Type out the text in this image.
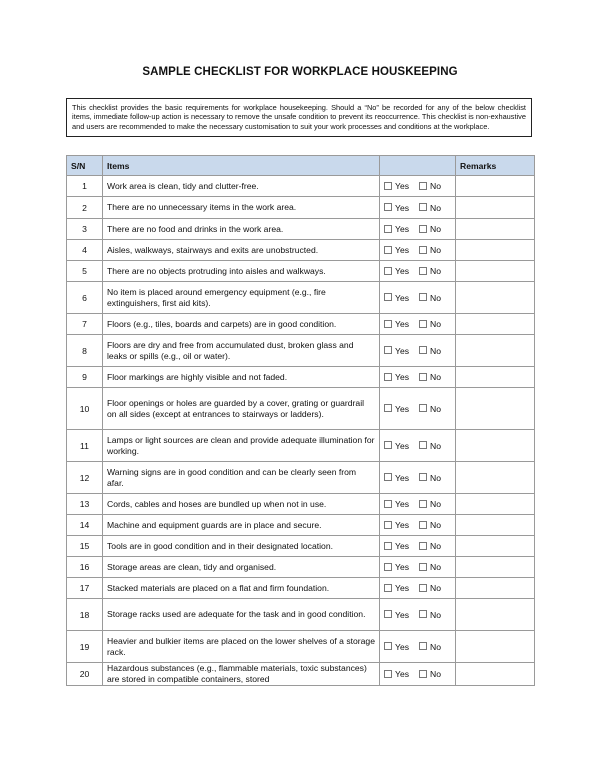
SAMPLE CHECKLIST FOR WORKPLACE HOUSKEEPING
This checklist provides the basic requirements for workplace housekeeping. Should a “No” be recorded for any of the below checklist items, immediate follow-up action is necessary to remove the unsafe condition to prevent its reoccurrence. This checklist is non-exhaustive and users are recommended to make the necessary customisation to suit your work processes and conditions at the workplace.
S/N	Items		Remarks
1	Work area is clean, tidy and clutter-free.	Yes No	
2	There are no unnecessary items in the work area.	Yes No	
3	There are no food and drinks in the work area.	Yes No	
4	Aisles, walkways, stairways and exits are unobstructed.	Yes No	
5	There are no objects protruding into aisles and walkways.	Yes No	
6	No item is placed around emergency equipment (e.g., fire extinguishers, first aid kits).	Yes No	
7	Floors (e.g., tiles, boards and carpets) are in good condition.	Yes No	
8	Floors are dry and free from accumulated dust, broken glass and leaks or spills (e.g., oil or water).	Yes No	
9	Floor markings are highly visible and not faded.	Yes No	
10	Floor openings or holes are guarded by a cover, grating or guardrail on all sides (except at entrances to stairways or ladders).	Yes No	
11	Lamps or light sources are clean and provide adequate illumination for working.	Yes No	
12	Warning signs are in good condition and can be clearly seen from afar.	Yes No	
13	Cords, cables and hoses are bundled up when not in use.	Yes No	
14	Machine and equipment guards are in place and secure.	Yes No	
15	Tools are in good condition and in their designated location.	Yes No	
16	Storage areas are clean, tidy and organised.	Yes No	
17	Stacked materials are placed on a flat and firm foundation.	Yes No	
18	Storage racks used are adequate for the task and in good condition.	Yes No	
19	Heavier and bulkier items are placed on the lower shelves of a storage rack.	Yes No	
20	Hazardous substances (e.g., flammable materials, toxic substances) are stored in compatible containers, stored	Yes No	
